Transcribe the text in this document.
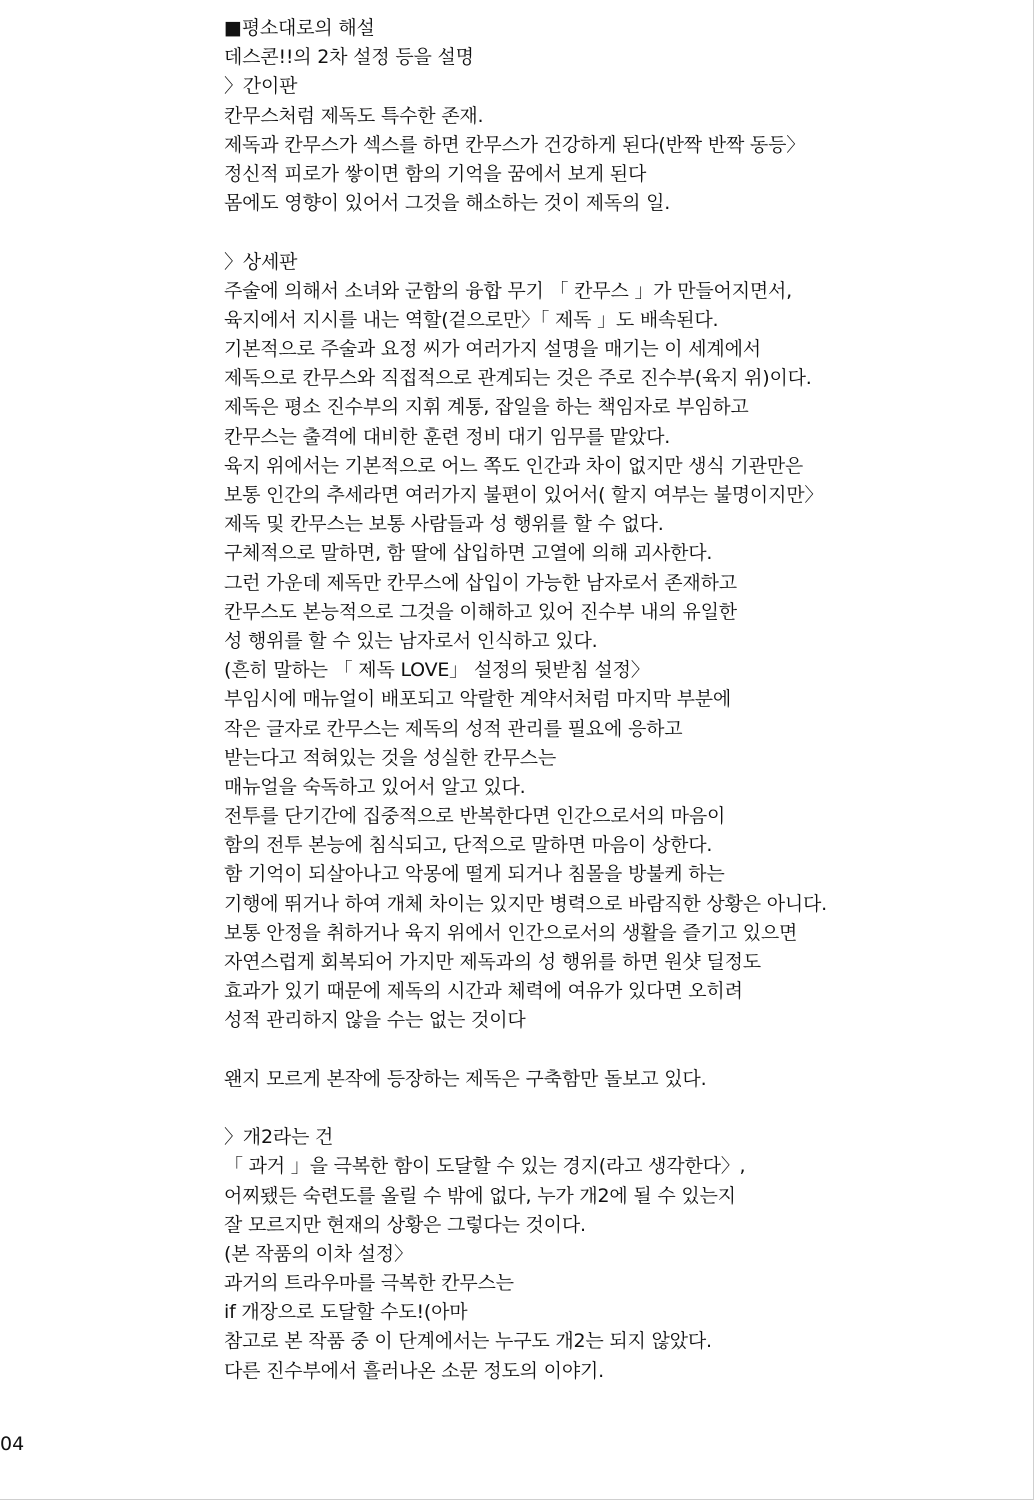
■평소대로의 해설
데스콘!!의 2차 설정 등을 설명
〉간이판
칸무스처럼 제독도 특수한 존재.
제독과 칸무스가 섹스를 하면 칸무스가 건강하게 된다(반짝 반짝 동등〉
정신적 피로가 쌓이면 함의 기억을 꿈에서 보게 된다
몸에도 영향이 있어서 그것을 해소하는 것이 제독의 일.
〉상세판
주술에 의해서 소녀와 군함의 융합 무기 「 칸무스 」가 만들어지면서,
육지에서 지시를 내는 역할(겉으로만〉「 제독 」도 배속된다.
기본적으로 주술과 요정 씨가 여러가지 설명을 매기는 이 세계에서
제독으로 칸무스와 직접적으로 관계되는 것은 주로 진수부(육지 위)이다.
제독은 평소 진수부의 지휘 계통, 잡일을 하는 책임자로 부임하고
칸무스는 출격에 대비한 훈련 정비 대기 임무를 맡았다.
육지 위에서는 기본적으로 어느 쪽도 인간과 차이 없지만 생식 기관만은
보통 인간의 추세라면 여러가지 불편이 있어서( 할지 여부는 불명이지만〉
제독 및 칸무스는 보통 사람들과 성 행위를 할 수 없다.
구체적으로 말하면, 함 딸에 삽입하면 고열에 의해 괴사한다.
그런 가운데 제독만 칸무스에 삽입이 가능한 남자로서 존재하고
칸무스도 본능적으로 그것을 이해하고 있어 진수부 내의 유일한
성 행위를 할 수 있는 남자로서 인식하고 있다.
(흔히 말하는 「 제독 LOVE」 설정의 뒷받침 설정〉
부임시에 매뉴얼이 배포되고 악랄한 계약서처럼 마지막 부분에
작은 글자로 칸무스는 제독의 성적 관리를 필요에 응하고
받는다고 적혀있는 것을 성실한 칸무스는
매뉴얼을 숙독하고 있어서 알고 있다.
전투를 단기간에 집중적으로 반복한다면 인간으로서의 마음이
함의 전투 본능에 침식되고, 단적으로 말하면 마음이 상한다.
함 기억이 되살아나고 악몽에 떨게 되거나 침몰을 방불케 하는
기행에 뛰거나 하여 개체 차이는 있지만 병력으로 바람직한 상황은 아니다.
보통 안정을 취하거나 육지 위에서 인간으로서의 생활을 즐기고 있으면
자연스럽게 회복되어 가지만 제독과의 성 행위를 하면 원샷 딜정도
효과가 있기 때문에 제독의 시간과 체력에 여유가 있다면 오히려
성적 관리하지 않을 수는 없는 것이다
왠지 모르게 본작에 등장하는 제독은 구축함만 돌보고 있다.
〉개2라는 건
「 과거 」을 극복한 함이 도달할 수 있는 경지(라고 생각한다〉,
어찌됐든 숙련도를 올릴 수 밖에 없다, 누가 개2에 될 수 있는지
잘 모르지만 현재의 상황은 그렇다는 것이다.
(본 작품의 이차 설정〉
과거의 트라우마를 극복한 칸무스는
if 개장으로 도달할 수도!(아마
참고로 본 작품 중 이 단계에서는 누구도 개2는 되지 않았다.
다른 진수부에서 흘러나온 소문 정도의 이야기.
04
